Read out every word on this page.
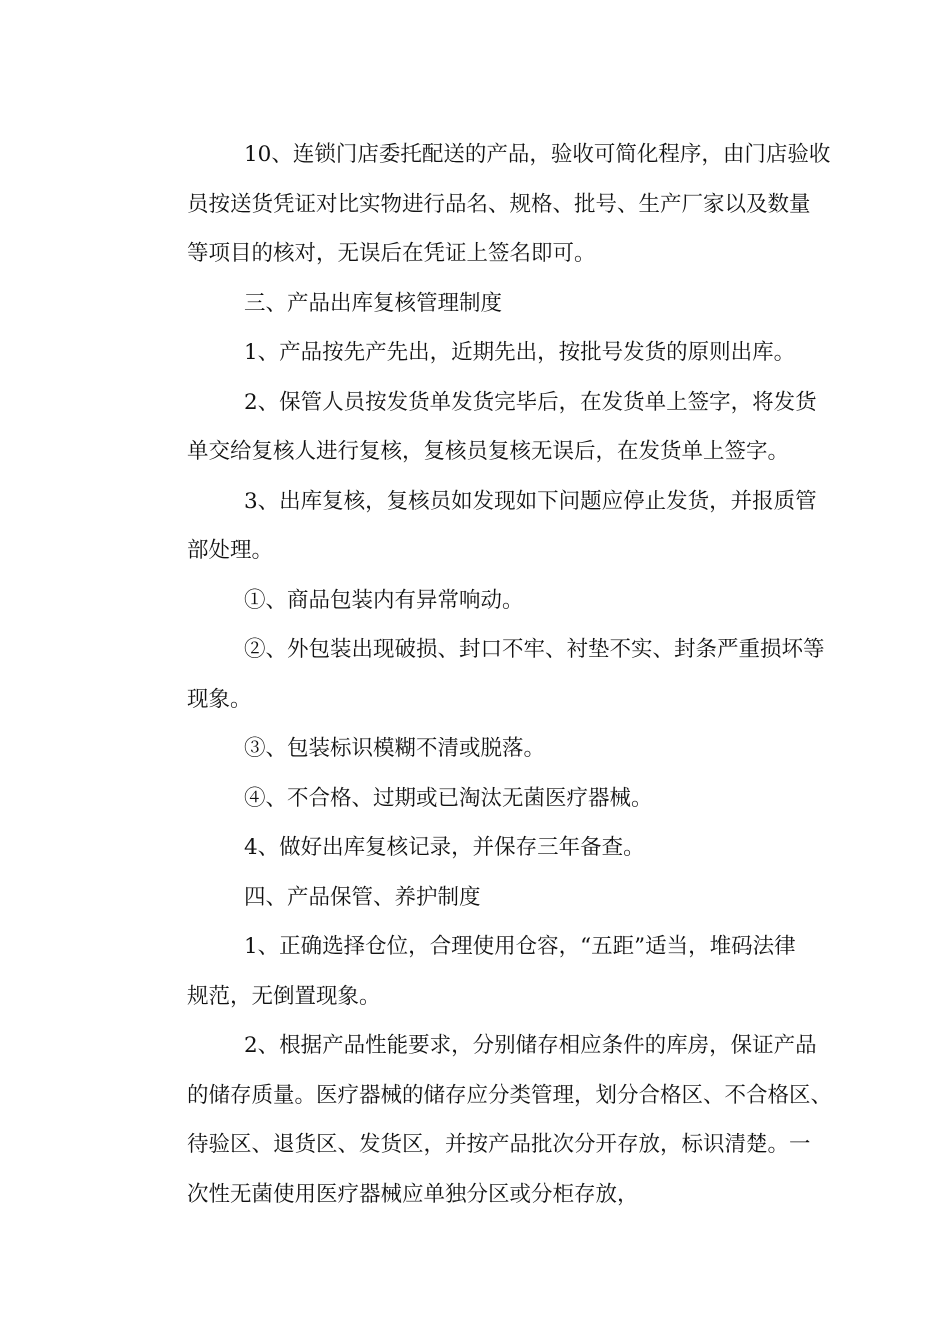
10、连锁门店委托配送的产品，验收可简化程序，由门店验收
员按送货凭证对比实物进行品名、规格、批号、生产厂家以及数量
等项目的核对，无误后在凭证上签名即可。
三、产品出库复核管理制度
1、产品按先产先出，近期先出，按批号发货的原则出库。
2、保管人员按发货单发货完毕后，在发货单上签字，将发货
单交给复核人进行复核，复核员复核无误后，在发货单上签字。
3、出库复核，复核员如发现如下问题应停止发货，并报质管
部处理。
①、商品包装内有异常响动。
②、外包装出现破损、封口不牢、衬垫不实、封条严重损坏等
现象。
③、包装标识模糊不清或脱落。
④、不合格、过期或已淘汰无菌医疗器械。
4、做好出库复核记录，并保存三年备查。
四、产品保管、养护制度
1、正确选择仓位，合理使用仓容，“五距”适当，堆码法律
规范，无倒置现象。
2、根据产品性能要求，分别储存相应条件的库房，保证产品
的储存质量。医疗器械的储存应分类管理，划分合格区、不合格区、
待验区、退货区、发货区，并按产品批次分开存放，标识清楚。一
次性无菌使用医疗器械应单独分区或分柜存放，
